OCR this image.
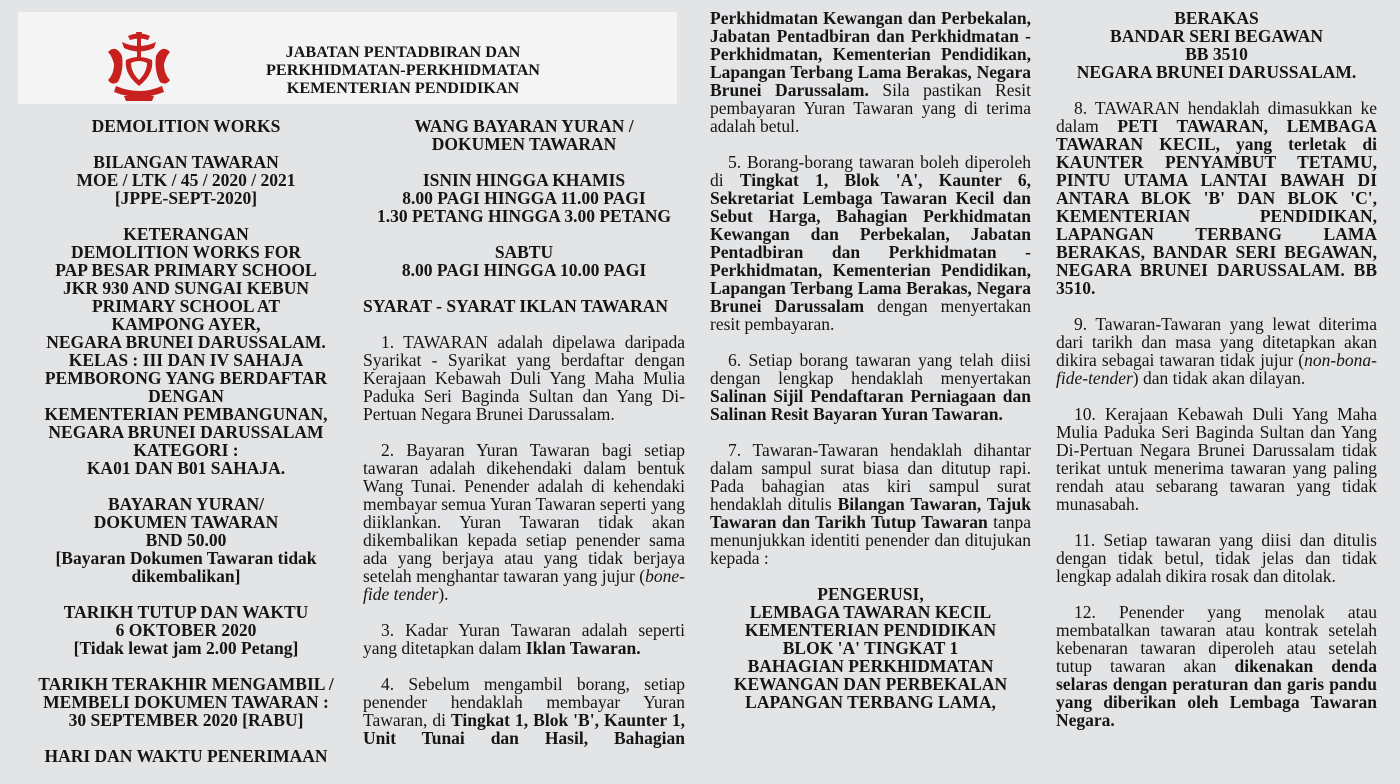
JABATAN PENTADBIRAN DAN
PERKHIDMATAN-PERKHIDMATAN
KEMENTERIAN PENDIDIKAN
DEMOLITION WORKS
BILANGAN TAWARAN
MOE / LTK / 45 / 2020 / 2021
[JPPE-SEPT-2020]
KETERANGAN
DEMOLITION WORKS FOR
PAP BESAR PRIMARY SCHOOL
JKR 930 AND SUNGAI KEBUN
PRIMARY SCHOOL AT
KAMPONG AYER,
NEGARA BRUNEI DARUSSALAM.
KELAS : III DAN IV SAHAJA
PEMBORONG YANG BERDAFTAR
DENGAN
KEMENTERIAN PEMBANGUNAN,
NEGARA BRUNEI DARUSSALAM
KATEGORI :
KA01 DAN B01 SAHAJA.
BAYARAN YURAN/
DOKUMEN TAWARAN
BND 50.00
[Bayaran Dokumen Tawaran tidak
dikembalikan]
TARIKH TUTUP DAN WAKTU
6 OKTOBER 2020
[Tidak lewat jam 2.00 Petang]
TARIKH TERAKHIR MENGAMBIL /
MEMBELI DOKUMEN TAWARAN :
30 SEPTEMBER 2020 [RABU]
HARI DAN WAKTU PENERIMAAN
WANG BAYARAN YURAN /
DOKUMEN TAWARAN
ISNIN HINGGA KHAMIS
8.00 PAGI HINGGA 11.00 PAGI
1.30 PETANG HINGGA 3.00 PETANG
SABTU
8.00 PAGI HINGGA 10.00 PAGI
SYARAT - SYARAT IKLAN TAWARAN
1. TAWARAN adalah dipelawa daripada Syarikat - Syarikat yang berdaftar dengan Kerajaan Kebawah Duli Yang Maha Mulia Paduka Seri Baginda Sultan dan Yang Di-Pertuan Negara Brunei Darussalam.
2. Bayaran Yuran Tawaran bagi setiap tawaran adalah dikehendaki dalam bentuk Wang Tunai. Penender adalah di kehendaki membayar semua Yuran Tawaran seperti yang diiklankan. Yuran Tawaran tidak akan dikembalikan kepada setiap penender sama ada yang berjaya atau yang tidak berjaya setelah menghantar tawaran yang jujur (bone-fide tender).
3. Kadar Yuran Tawaran adalah seperti yang ditetapkan dalam Iklan Tawaran.
4. Sebelum mengambil borang, setiap penender hendaklah membayar Yuran Tawaran, di Tingkat 1, Blok 'B', Kaunter 1, Unit Tunai dan Hasil, Bahagian
Perkhidmatan Kewangan dan Perbekalan, Jabatan Pentadbiran dan Perkhidmatan - Perkhidmatan, Kementerian Pendidikan, Lapangan Terbang Lama Berakas, Negara Brunei Darussalam. Sila pastikan Resit pembayaran Yuran Tawaran yang di terima adalah betul.
5. Borang-borang tawaran boleh diperoleh di Tingkat 1, Blok 'A', Kaunter 6, Sekretariat Lembaga Tawaran Kecil dan Sebut Harga, Bahagian Perkhidmatan Kewangan dan Perbekalan, Jabatan Pentadbiran dan Perkhidmatan - Perkhidmatan, Kementerian Pendidikan, Lapangan Terbang Lama Berakas, Negara Brunei Darussalam dengan menyertakan resit pembayaran.
6. Setiap borang tawaran yang telah diisi dengan lengkap hendaklah menyertakan Salinan Sijil Pendaftaran Perniagaan dan Salinan Resit Bayaran Yuran Tawaran.
7. Tawaran-Tawaran hendaklah dihantar dalam sampul surat biasa dan ditutup rapi. Pada bahagian atas kiri sampul surat hendaklah ditulis Bilangan Tawaran, Tajuk Tawaran dan Tarikh Tutup Tawaran tanpa menunjukkan identiti penender dan ditujukan kepada :
PENGERUSI,
LEMBAGA TAWARAN KECIL
KEMENTERIAN PENDIDIKAN
BLOK 'A' TINGKAT 1
BAHAGIAN PERKHIDMATAN
KEWANGAN DAN PERBEKALAN
LAPANGAN TERBANG LAMA,
BERAKAS
BANDAR SERI BEGAWAN
BB 3510
NEGARA BRUNEI DARUSSALAM.
8. TAWARAN hendaklah dimasukkan ke dalam PETI TAWARAN, LEMBAGA TAWARAN KECIL, yang terletak di KAUNTER PENYAMBUT TETAMU, PINTU UTAMA LANTAI BAWAH DI ANTARA BLOK 'B' DAN BLOK 'C', KEMENTERIAN PENDIDIKAN, LAPANGAN TERBANG LAMA BERAKAS, BANDAR SERI BEGAWAN, NEGARA BRUNEI DARUSSALAM. BB 3510.
9. Tawaran-Tawaran yang lewat diterima dari tarikh dan masa yang ditetapkan akan dikira sebagai tawaran tidak jujur (non-bona-fide-tender) dan tidak akan dilayan.
10. Kerajaan Kebawah Duli Yang Maha Mulia Paduka Seri Baginda Sultan dan Yang Di-Pertuan Negara Brunei Darussalam tidak terikat untuk menerima tawaran yang paling rendah atau sebarang tawaran yang tidak munasabah.
11. Setiap tawaran yang diisi dan ditulis dengan tidak betul, tidak jelas dan tidak lengkap adalah dikira rosak dan ditolak.
12. Penender yang menolak atau membatalkan tawaran atau kontrak setelah kebenaran tawaran diperoleh atau setelah tutup tawaran akan dikenakan denda selaras dengan peraturan dan garis pandu yang diberikan oleh Lembaga Tawaran Negara.
